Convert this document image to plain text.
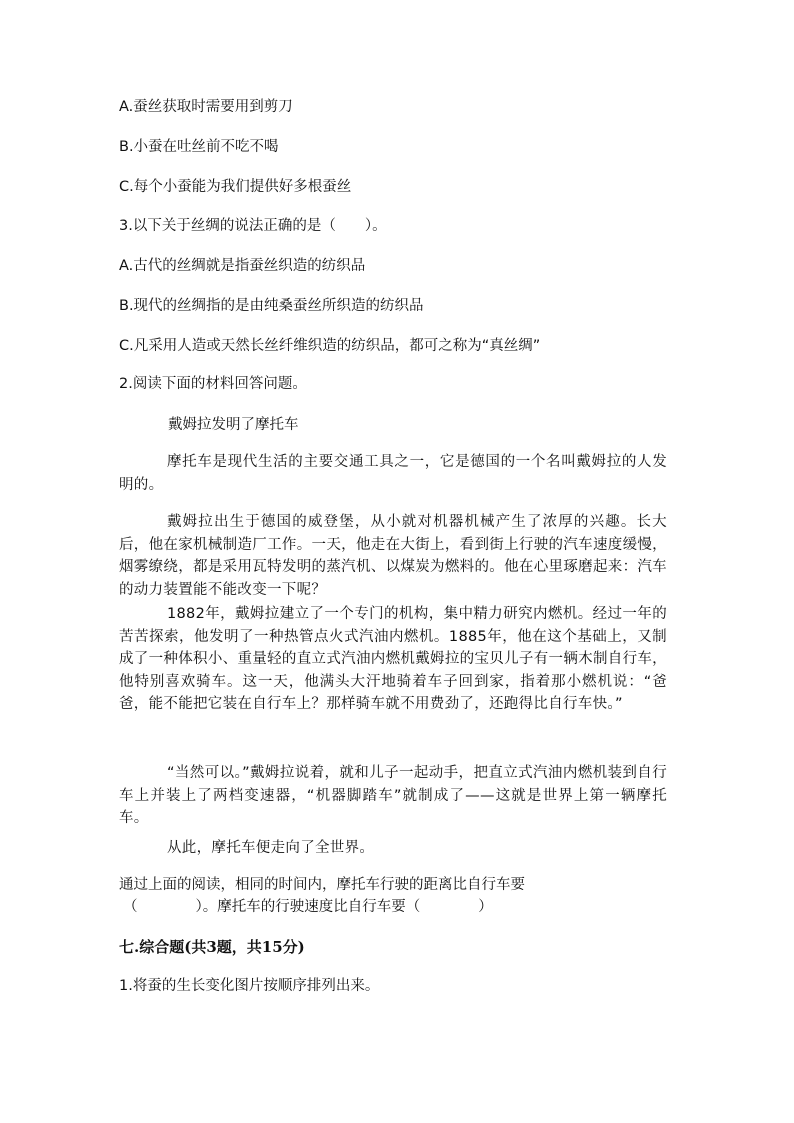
A.蚕丝获取时需要用到剪刀
B.小蚕在吐丝前不吃不喝
C.每个小蚕能为我们提供好多根蚕丝
3.以下关于丝绸的说法正确的是（　　）。
A.古代的丝绸就是指蚕丝织造的纺织品
B.现代的丝绸指的是由纯桑蚕丝所织造的纺织品
C.凡采用人造或天然长丝纤维织造的纺织品，都可之称为“真丝绸”
2.阅读下面的材料回答问题。
戴姆拉发明了摩托车

摩托车是现代生活的主要交通工具之一，它是德国的一个名叫戴姆拉的人发明的。

戴姆拉出生于德国的威登堡，从小就对机器机械产生了浓厚的兴趣。长大后，他在家机械制造厂工作。一天，他走在大街上，看到街上行驶的汽车速度缓慢，烟雾缭绕，都是采用瓦特发明的蒸汽机、以煤炭为燃料的。他在心里琢磨起来：汽车的动力装置能不能改变一下呢？

1882年，戴姆拉建立了一个专门的机构，集中精力研究内燃机。经过一年的苦苦探索，他发明了一种热管点火式汽油内燃机。1885年，他在这个基础上，又制成了一种体积小、重量轻的直立式汽油内燃机戴姆拉的宝贝儿子有一辆木制自行车，他特别喜欢骑车。这一天，他满头大汗地骑着车子回到家，指着那小燃机说：“爸爸，能不能把它装在自行车上？那样骑车就不用费劲了，还跑得比自行车快。”

“当然可以。”戴姆拉说着，就和儿子一起动手，把直立式汽油内燃机装到自行车上并装上了两档变速器，“机器脚踏车”就制成了——这就是世界上第一辆摩托车。

从此，摩托车便走向了全世界。

通过上面的阅读，相同的时间内，摩托车行驶的距离比自行车要
（　　　　）。摩托车的行驶速度比自行车要（　　　　）
七.综合题(共3题，共15分)
1.将蚕的生长变化图片按顺序排列出来。
